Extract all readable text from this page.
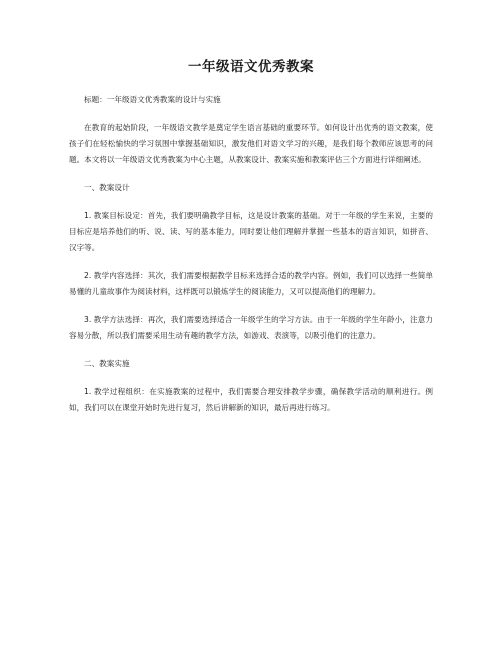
一年级语文优秀教案

标题：一年级语文优秀教案的设计与实施

在教育的起始阶段，一年级语文教学是奠定学生语言基础的重要环节。如何设计出优秀的语文教案，使孩子们在轻松愉快的学习氛围中掌握基础知识，激发他们对语文学习的兴趣，是我们每个教师应该思考的问题。本文将以一年级语文优秀教案为中心主题，从教案设计、教案实施和教案评估三个方面进行详细阐述。

一、教案设计

1. 教案目标设定：首先，我们要明确教学目标，这是设计教案的基础。对于一年级的学生来说，主要的目标应是培养他们的听、说、读、写的基本能力，同时要让他们理解并掌握一些基本的语言知识，如拼音、汉字等。

2. 教学内容选择：其次，我们需要根据教学目标来选择合适的教学内容。例如，我们可以选择一些简单易懂的儿童故事作为阅读材料，这样既可以锻炼学生的阅读能力，又可以提高他们的理解力。

3. 教学方法选择：再次，我们需要选择适合一年级学生的学习方法。由于一年级的学生年龄小，注意力容易分散，所以我们需要采用生动有趣的教学方法，如游戏、表演等，以吸引他们的注意力。

二、教案实施

1. 教学过程组织：在实施教案的过程中，我们需要合理安排教学步骤，确保教学活动的顺利进行。例如，我们可以在课堂开始时先进行复习，然后讲解新的知识，最后再进行练习。
